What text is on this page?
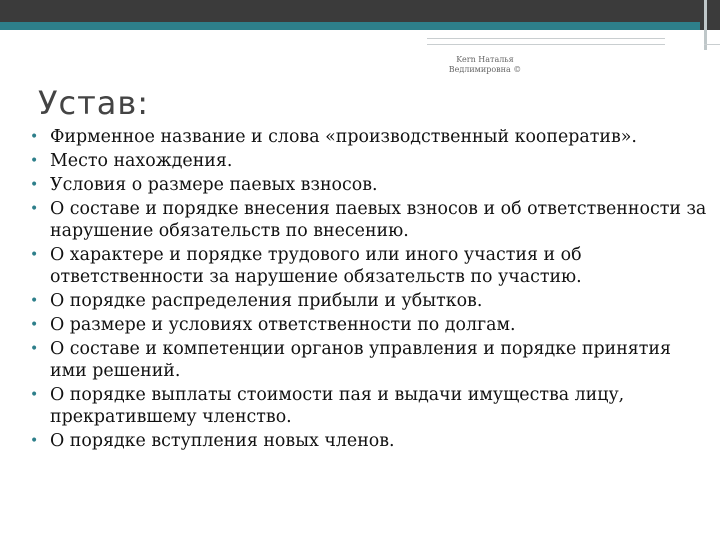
Kern Наталья
Ведлимировна ©
Устав:
• Фирменное название и слова «производственный кооператив».
• Место нахождения.
• Условия о размере паевых взносов.
• О составе и порядке внесения паевых взносов и об ответственности за нарушение обязательств по внесению.
• О характере и порядке трудового или иного участия и об ответственности за нарушение обязательств по участию.
• О порядке распределения прибыли и убытков.
• О размере и условиях ответственности по долгам.
• О составе и компетенции органов управления и порядке принятия ими решений.
• О порядке выплаты стоимости пая и выдачи имущества лицу, прекратившему членство.
• О порядке вступления новых членов.
